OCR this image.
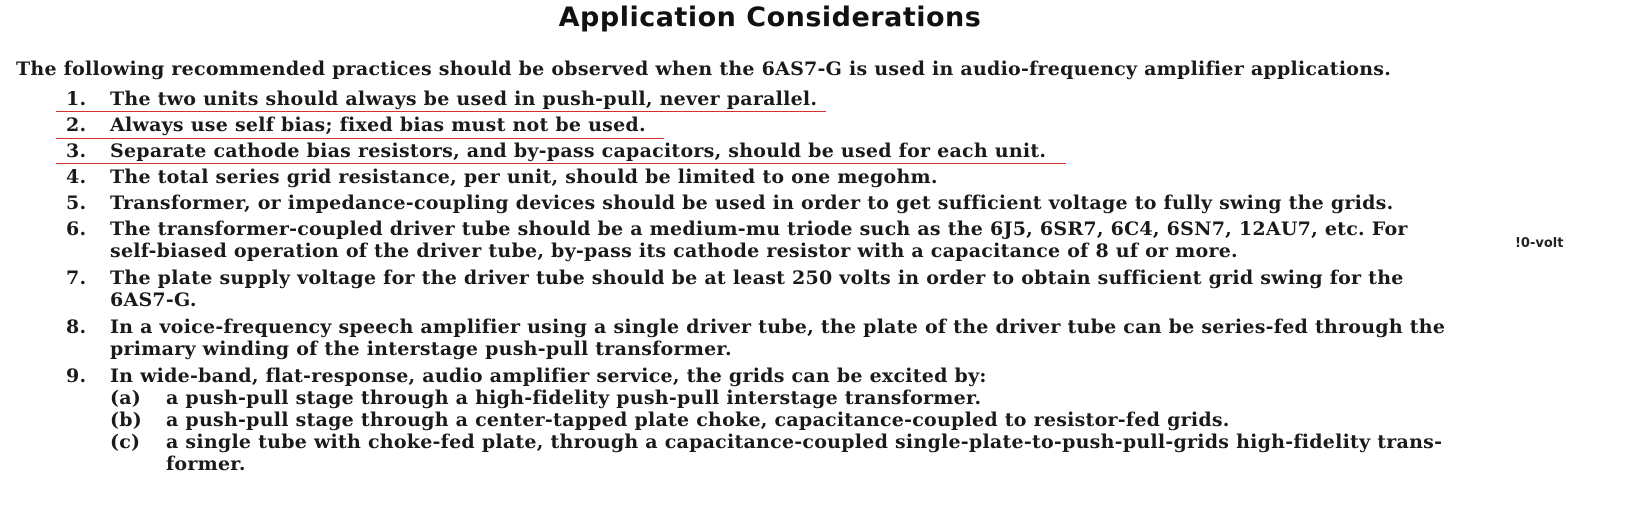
Application Considerations
The following recommended practices should be observed when the 6AS7-G is used in audio-frequency amplifier applications.
1.	The two units should always be used in push-pull, never parallel.
2.	Always use self bias; fixed bias must not be used.
3.	Separate cathode bias resistors, and by-pass capacitors, should be used for each unit.
4.	The total series grid resistance, per unit, should be limited to one megohm.
5.	Transformer, or impedance-coupling devices should be used in order to get sufficient voltage to fully swing the grids.
6.	The transformer-coupled driver tube should be a medium-mu triode such as the 6J5, 6SR7, 6C4, 6SN7, 12AU7, etc. For
self-biased operation of the driver tube, by-pass its cathode resistor with a capacitance of 8 uf or more.	!0-volt
7.	The plate supply voltage for the driver tube should be at least 250 volts in order to obtain sufficient grid swing for the
6AS7-G.
8.	In a voice-frequency speech amplifier using a single driver tube, the plate of the driver tube can be series-fed through the
primary winding of the interstage push-pull transformer.
9.	In wide-band, flat-response, audio amplifier service, the grids can be excited by:
(a) a push-pull stage through a high-fidelity push-pull interstage transformer.
(b) a push-pull stage through a center-tapped plate choke, capacitance-coupled to resistor-fed grids.
(c) a single tube with choke-fed plate, through a capacitance-coupled single-plate-to-push-pull-grids high-fidelity trans-
former.
